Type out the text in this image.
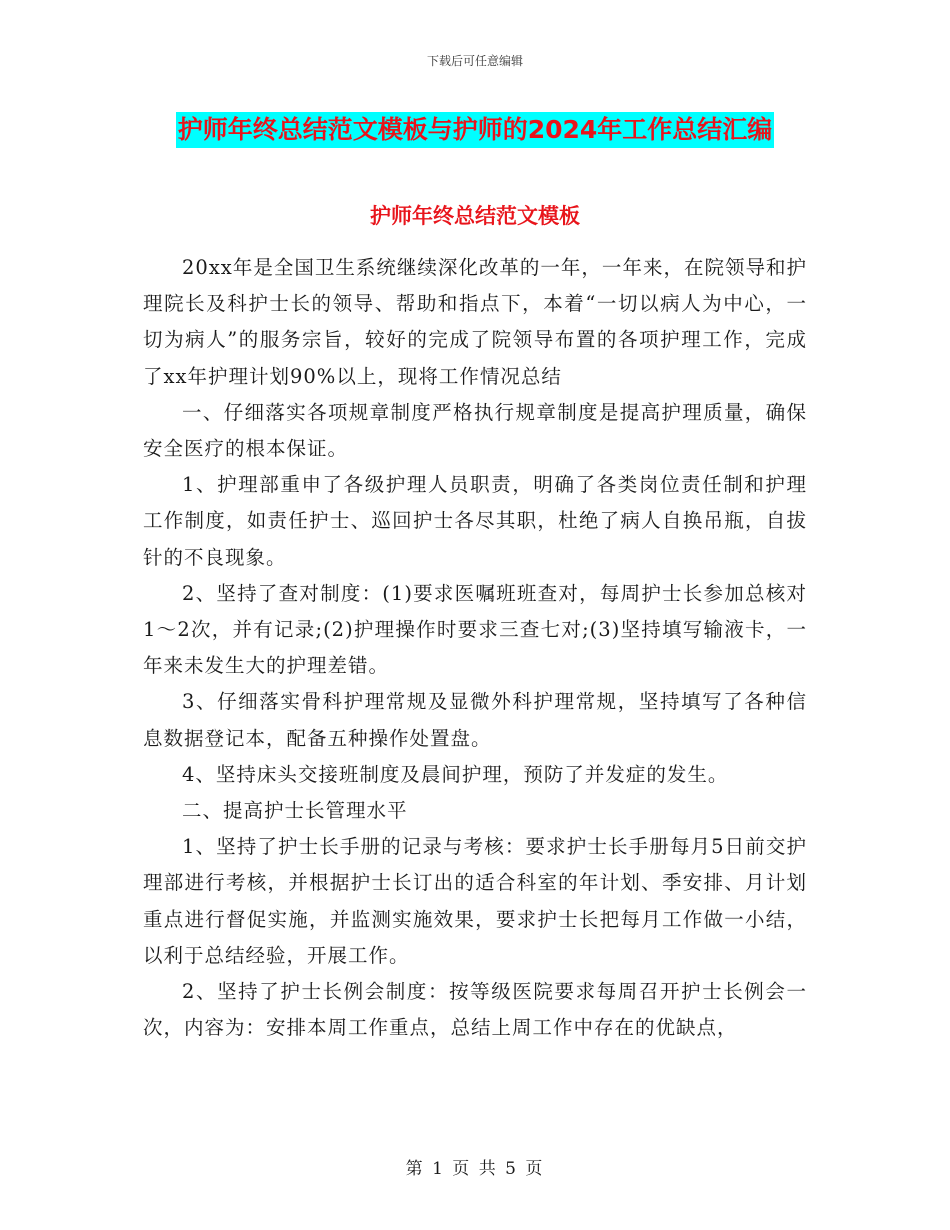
下载后可任意编辑
护师年终总结范文模板与护师的2024年工作总结汇编
护师年终总结范文模板

20xx年是全国卫生系统继续深化改革的一年，一年来，在院领导和护理院长及科护士长的领导、帮助和指点下，本着“一切以病人为中心，一切为病人”的服务宗旨，较好的完成了院领导布置的各项护理工作，完成了xx年护理计划90%以上，现将工作情况总结

一、仔细落实各项规章制度严格执行规章制度是提高护理质量，确保安全医疗的根本保证。

1、护理部重申了各级护理人员职责，明确了各类岗位责任制和护理工作制度，如责任护士、巡回护士各尽其职，杜绝了病人自换吊瓶，自拔针的不良现象。

2、坚持了查对制度：(1)要求医嘱班班查对，每周护士长参加总核对1～2次，并有记录;(2)护理操作时要求三查七对;(3)坚持填写输液卡，一年来未发生大的护理差错。

3、仔细落实骨科护理常规及显微外科护理常规，坚持填写了各种信息数据登记本，配备五种操作处置盘。

4、坚持床头交接班制度及晨间护理，预防了并发症的发生。

二、提高护士长管理水平

1、坚持了护士长手册的记录与考核：要求护士长手册每月5日前交护理部进行考核，并根据护士长订出的适合科室的年计划、季安排、月计划重点进行督促实施，并监测实施效果，要求护士长把每月工作做一小结，以利于总结经验，开展工作。

2、坚持了护士长例会制度：按等级医院要求每周召开护士长例会一次，内容为：安排本周工作重点，总结上周工作中存在的优缺点，

第 1 页 共 5 页
